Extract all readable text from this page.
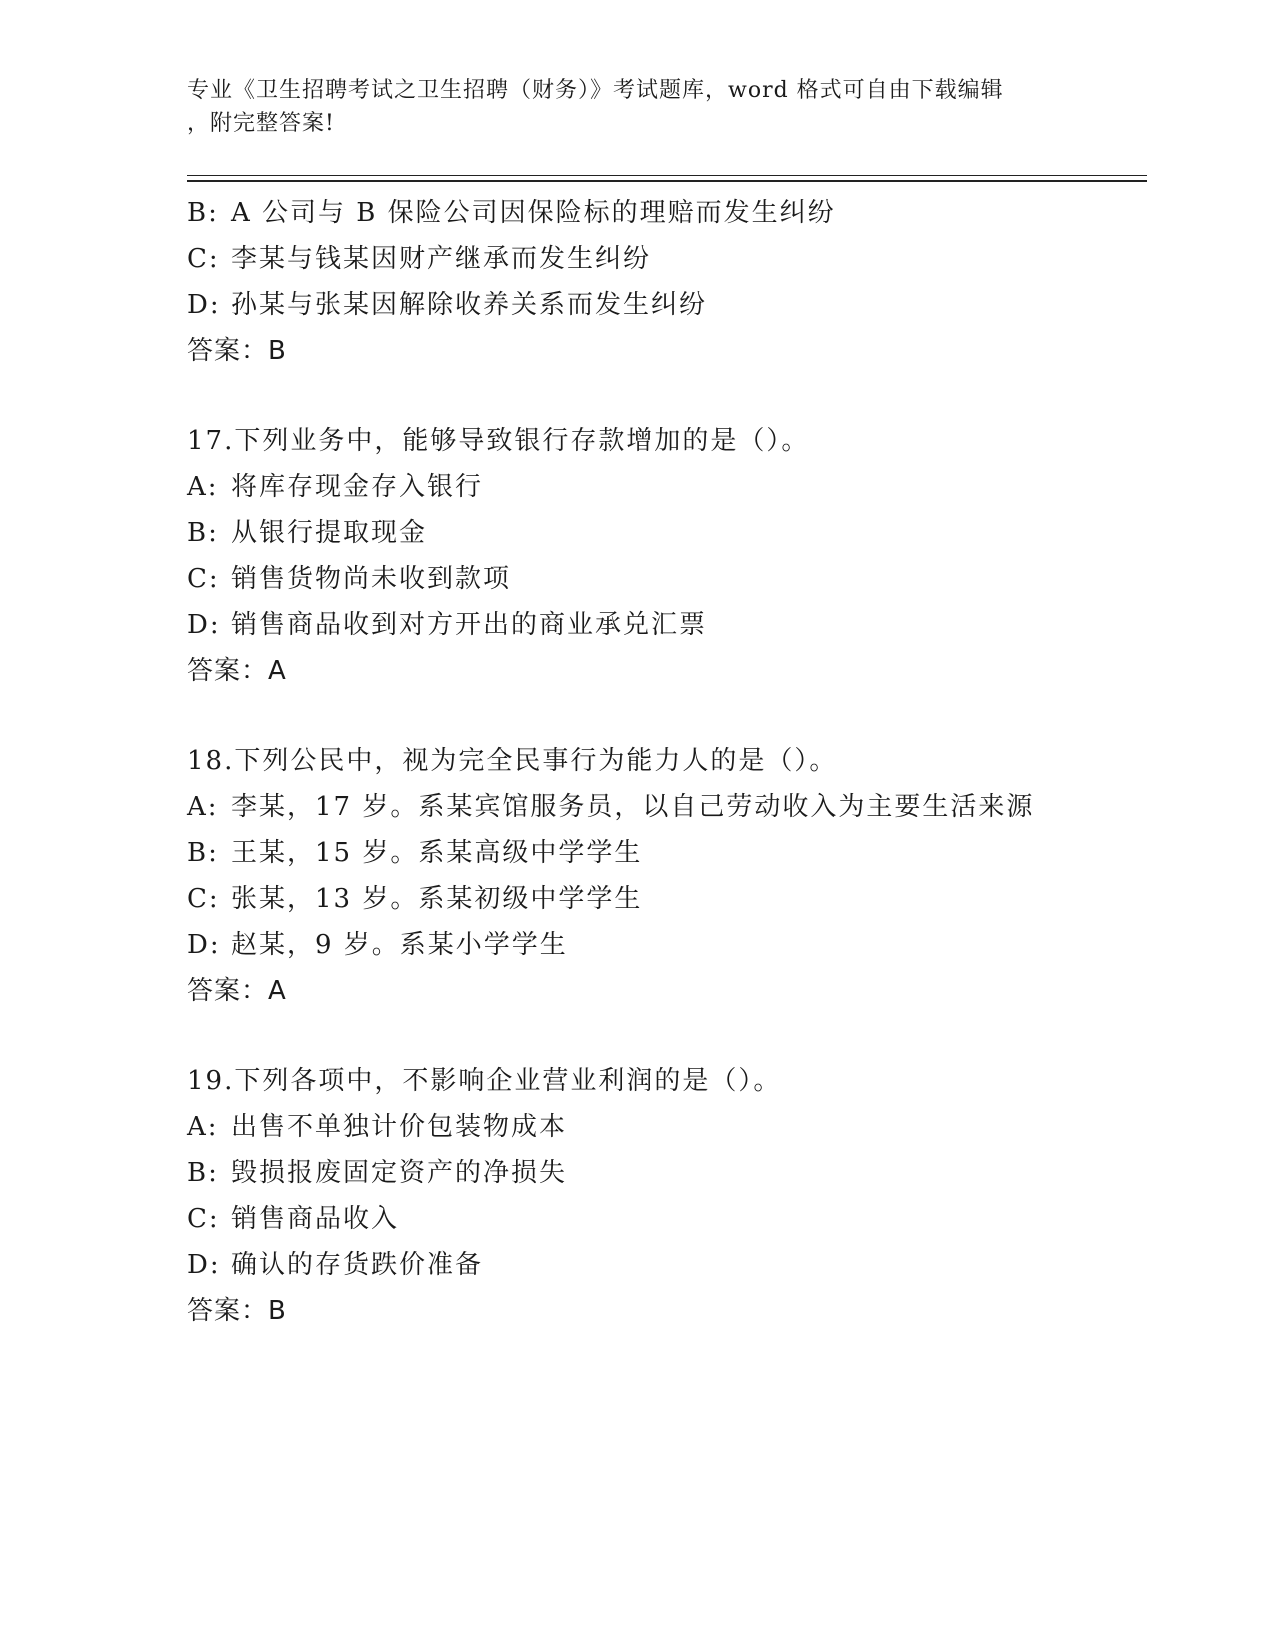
专业《卫生招聘考试之卫生招聘（财务）》考试题库，word 格式可自由下载编辑
，附完整答案!
B: A 公司与 B 保险公司因保险标的理赔而发生纠纷
C: 李某与钱某因财产继承而发生纠纷
D: 孙某与张某因解除收养关系而发生纠纷
答案：B
17.下列业务中，能够导致银行存款增加的是（）。
A: 将库存现金存入银行
B: 从银行提取现金
C: 销售货物尚未收到款项
D: 销售商品收到对方开出的商业承兑汇票
答案：A
18.下列公民中，视为完全民事行为能力人的是（）。
A: 李某，17 岁。系某宾馆服务员，以自己劳动收入为主要生活来源
B: 王某，15 岁。系某高级中学学生
C: 张某，13 岁。系某初级中学学生
D: 赵某，9 岁。系某小学学生
答案：A
19.下列各项中，不影响企业营业利润的是（）。
A: 出售不单独计价包装物成本
B: 毁损报废固定资产的净损失
C: 销售商品收入
D: 确认的存货跌价准备
答案：B
